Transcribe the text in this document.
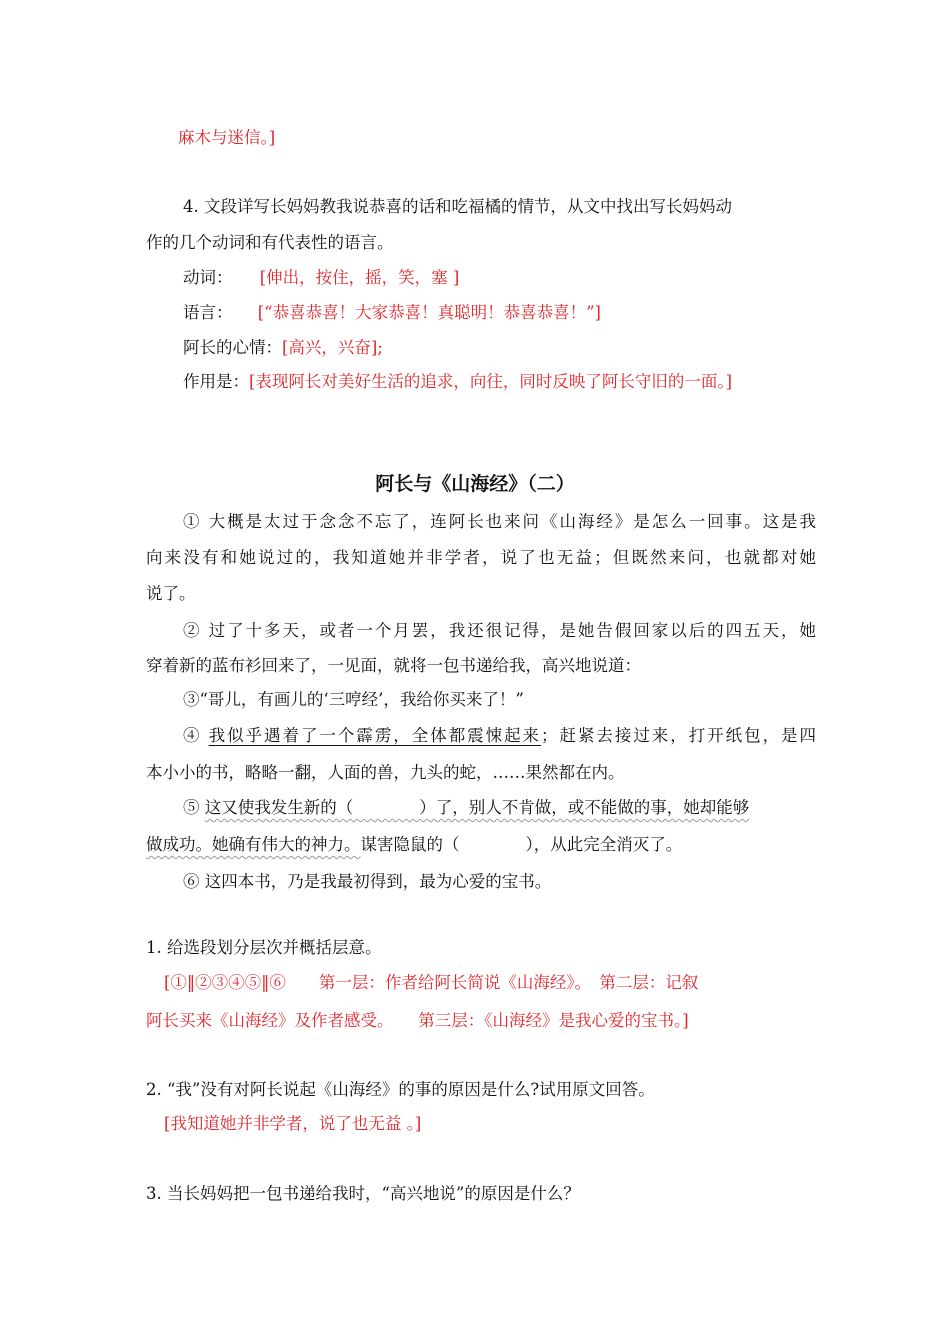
麻木与迷信。]
4. 文段详写长妈妈教我说恭喜的话和吃福橘的情节，从文中找出写长妈妈动
作的几个动词和有代表性的语言。
动词： [伸出，按住，摇，笑，塞 ]
语言： [“恭喜恭喜！大家恭喜！真聪明！恭喜恭喜！”]
阿长的心情：[高兴，兴奋];
作用是：[表现阿长对美好生活的追求，向往，同时反映了阿长守旧的一面。]
阿长与《山海经》（二）
① 大概是太过于念念不忘了，连阿长也来问《山海经》是怎么一回事。这是我
向来没有和她说过的，我知道她并非学者，说了也无益；但既然来问，也就都对她
说了。
② 过了十多天，或者一个月罢，我还很记得，是她告假回家以后的四五天，她
穿着新的蓝布衫回来了，一见面，就将一包书递给我，高兴地说道：
③“哥儿，有画儿的‘三哼经’，我给你买来了！”
④ 我似乎遇着了一个霹雳，全体都震悚起来；赶紧去接过来，打开纸包，是四
本小小的书，略略一翻，人面的兽，九头的蛇，……果然都在内。
⑤ 这又使我发生新的（　　　　）了，别人不肯做，或不能做的事，她却能够
做成功。她确有伟大的神力。谋害隐鼠的（　　　　），从此完全消灭了。
⑥ 这四本书，乃是我最初得到，最为心爱的宝书。
1. 给选段划分层次并概括层意。
[①‖②③④⑤‖⑥　　第一层：作者给阿长简说《山海经》。　第二层：记叙
阿长买来《山海经》及作者感受。　　第三层：《山海经》是我心爱的宝书。]
2. “我”没有对阿长说起《山海经》的事的原因是什么?试用原文回答。
[我知道她并非学者，说了也无益 。]
3. 当长妈妈把一包书递给我时，“高兴地说”的原因是什么？
